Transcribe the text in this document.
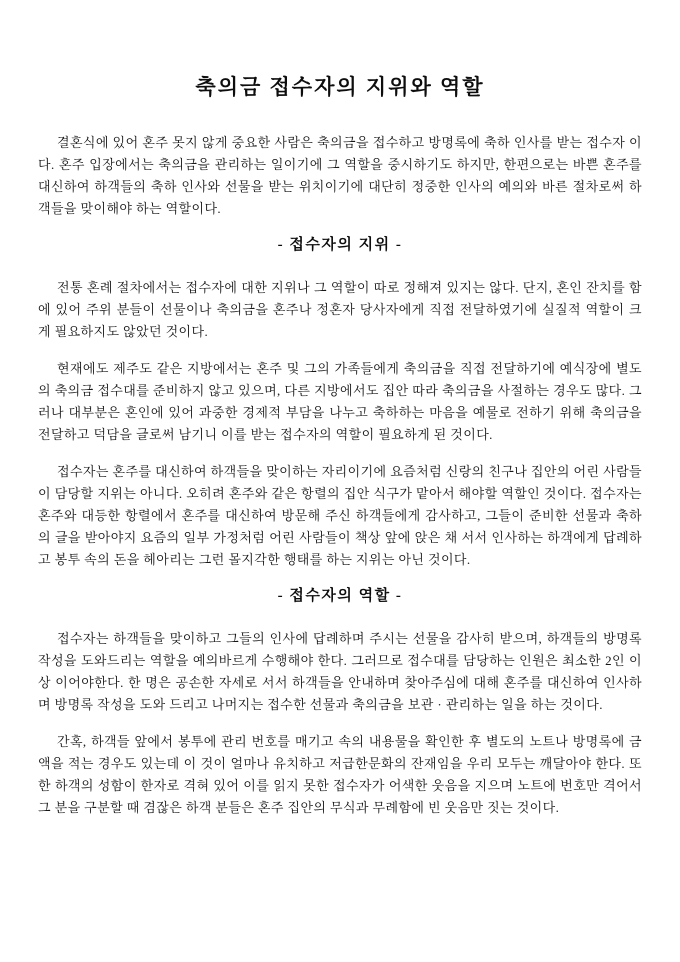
축의금 접수자의 지위와 역할

결혼식에 있어 혼주 못지 않게 중요한 사람은 축의금을 접수하고 방명록에 축하 인사를 받는 접수자 이다. 혼주 입장에서는 축의금을 관리하는 일이기에 그 역할을 중시하기도 하지만, 한편으로는 바쁜 혼주를 대신하여 하객들의 축하 인사와 선물을 받는 위치이기에 대단히 정중한 인사의 예의와 바른 절차로써 하객들을 맞이해야 하는 역할이다.

- 접수자의 지위 -

전통 혼례 절차에서는 접수자에 대한 지위나 그 역할이 따로 정해져 있지는 않다. 단지, 혼인 잔치를 함에 있어 주위 분들이 선물이나 축의금을 혼주나 정혼자 당사자에게 직접 전달하였기에 실질적 역할이 크게 필요하지도 않았던 것이다.

현재에도 제주도 같은 지방에서는 혼주 및 그의 가족들에게 축의금을 직접 전달하기에 예식장에 별도의 축의금 접수대를 준비하지 않고 있으며, 다른 지방에서도 집안 따라 축의금을 사절하는 경우도 많다. 그러나 대부분은 혼인에 있어 과중한 경제적 부담을 나누고 축하하는 마음을 예물로 전하기 위해 축의금을 전달하고 덕담을 글로써 남기니 이를 받는 접수자의 역할이 필요하게 된 것이다.

접수자는 혼주를 대신하여 하객들을 맞이하는 자리이기에 요즘처럼 신랑의 친구나 집안의 어린 사람들이 담당할 지위는 아니다. 오히려 혼주와 같은 항렬의 집안 식구가 맡아서 해야할 역할인 것이다. 접수자는 혼주와 대등한 항렬에서 혼주를 대신하여 방문해 주신 하객들에게 감사하고, 그들이 준비한 선물과 축하의 글을 받아야지 요즘의 일부 가정처럼 어린 사람들이 책상 앞에 앉은 채 서서 인사하는 하객에게 답례하고 봉투 속의 돈을 헤아리는 그런 몰지각한 행태를 하는 지위는 아닌 것이다.

- 접수자의 역할 -

접수자는 하객들을 맞이하고 그들의 인사에 답례하며 주시는 선물을 감사히 받으며, 하객들의 방명록 작성을 도와드리는 역할을 예의바르게 수행해야 한다. 그러므로 접수대를 담당하는 인원은 최소한 2인 이상 이어야한다. 한 명은 공손한 자세로 서서 하객들을 안내하며 찾아주심에 대해 혼주를 대신하여 인사하며 방명록 작성을 도와 드리고 나머지는 접수한 선물과 축의금을 보관 · 관리하는 일을 하는 것이다.

간혹, 하객들 앞에서 봉투에 관리 번호를 매기고 속의 내용물을 확인한 후 별도의 노트나 방명록에 금액을 적는 경우도 있는데 이 것이 얼마나 유치하고 저급한문화의 잔재임을 우리 모두는 깨달아야 한다. 또한 하객의 성함이 한자로 격혀 있어 이를 읽지 못한 접수자가 어색한 웃음을 지으며 노트에 번호만 격어서 그 분을 구분할 때 겸잖은 하객 분들은 혼주 집안의 무식과 무례함에 빈 웃음만 짓는 것이다.
